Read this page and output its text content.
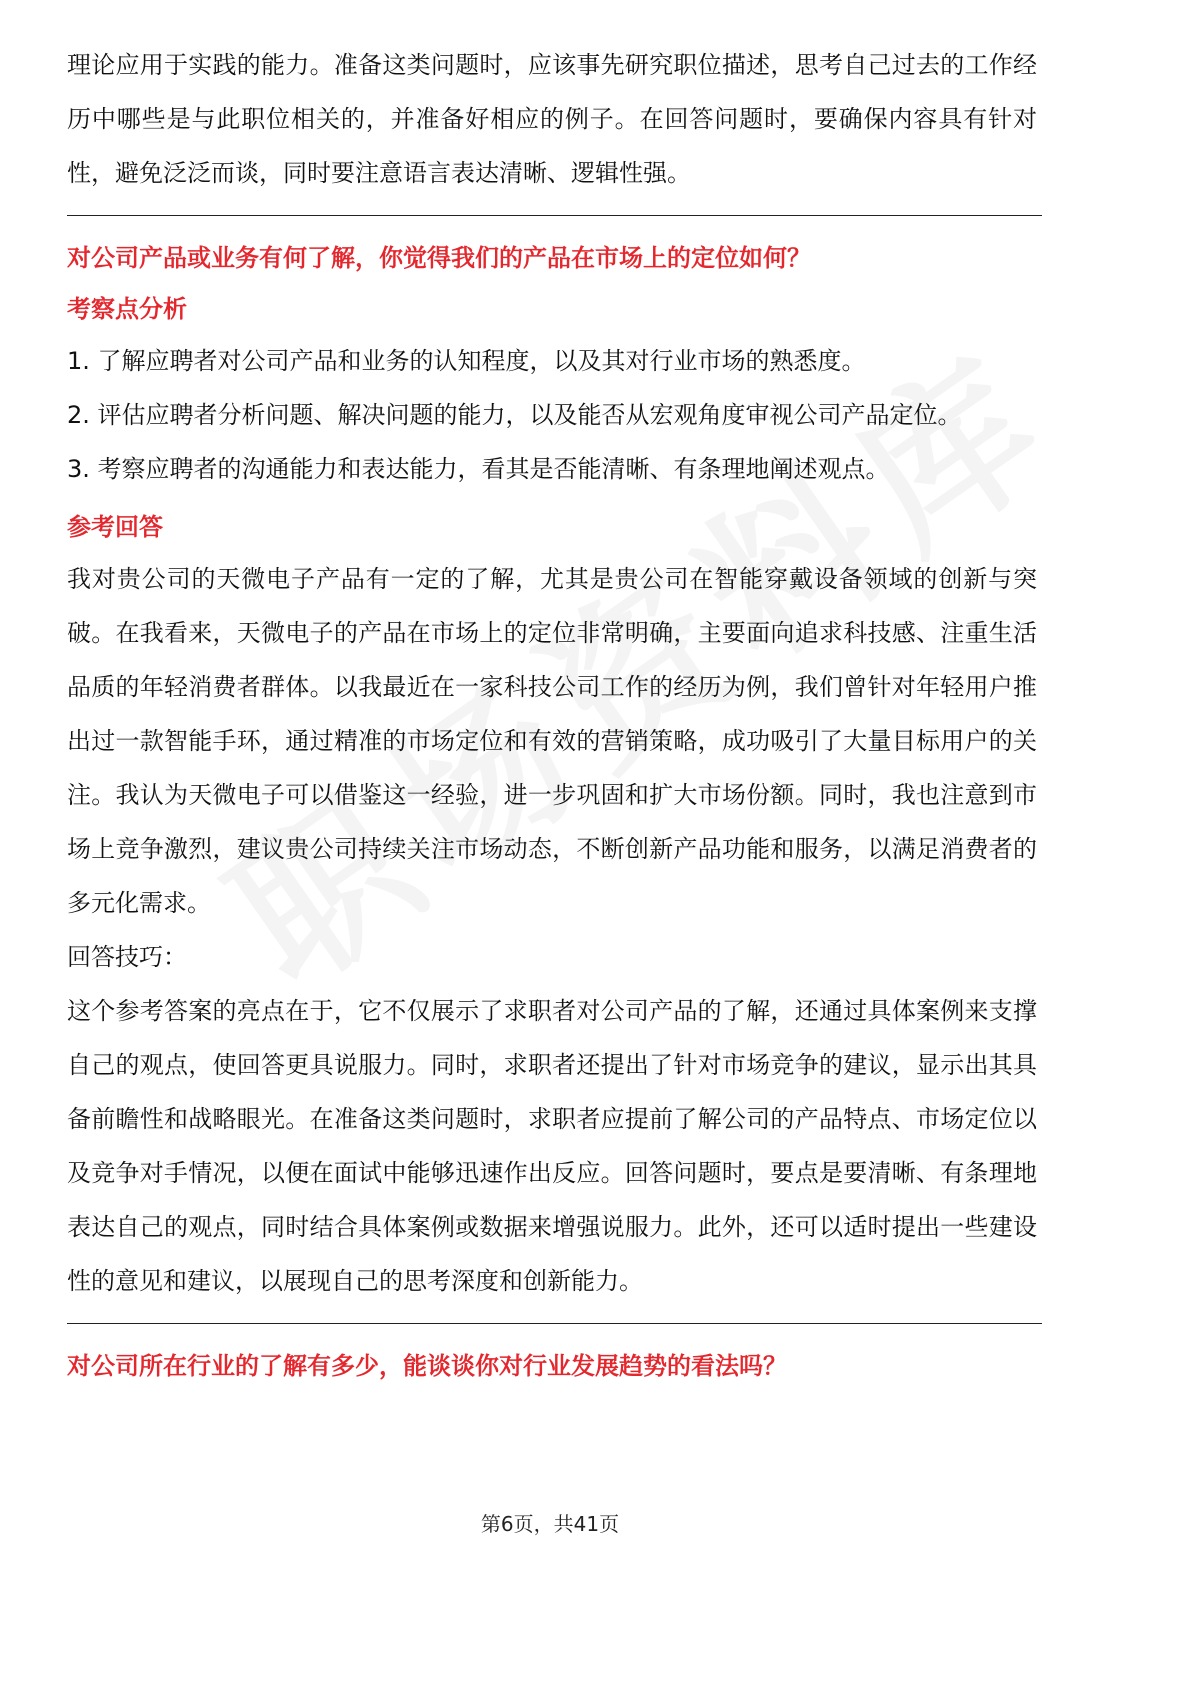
理论应用于实践的能力。准备这类问题时，应该事先研究职位描述，思考自己过去的工作经历中哪些是与此职位相关的，并准备好相应的例子。在回答问题时，要确保内容具有针对性，避免泛泛而谈，同时要注意语言表达清晰、逻辑性强。

对公司产品或业务有何了解，你觉得我们的产品在市场上的定位如何？

考察点分析

1. 了解应聘者对公司产品和业务的认知程度，以及其对行业市场的熟悉度。

2. 评估应聘者分析问题、解决问题的能力，以及能否从宏观角度审视公司产品定位。

3. 考察应聘者的沟通能力和表达能力，看其是否能清晰、有条理地阐述观点。

参考回答

我对贵公司的天微电子产品有一定的了解，尤其是贵公司在智能穿戴设备领域的创新与突破。在我看来，天微电子的产品在市场上的定位非常明确，主要面向追求科技感、注重生活品质的年轻消费者群体。以我最近在一家科技公司工作的经历为例，我们曾针对年轻用户推出过一款智能手环，通过精准的市场定位和有效的营销策略，成功吸引了大量目标用户的关注。我认为天微电子可以借鉴这一经验，进一步巩固和扩大市场份额。同时，我也注意到市场上竞争激烈，建议贵公司持续关注市场动态，不断创新产品功能和服务，以满足消费者的多元化需求。

回答技巧：

这个参考答案的亮点在于，它不仅展示了求职者对公司产品的了解，还通过具体案例来支撑自己的观点，使回答更具说服力。同时，求职者还提出了针对市场竞争的建议，显示出其具备前瞻性和战略眼光。在准备这类问题时，求职者应提前了解公司的产品特点、市场定位以及竞争对手情况，以便在面试中能够迅速作出反应。回答问题时，要点是要清晰、有条理地表达自己的观点，同时结合具体案例或数据来增强说服力。此外，还可以适时提出一些建设性的意见和建议，以展现自己的思考深度和创新能力。

对公司所在行业的了解有多少，能谈谈你对行业发展趋势的看法吗？

第6页，共41页
